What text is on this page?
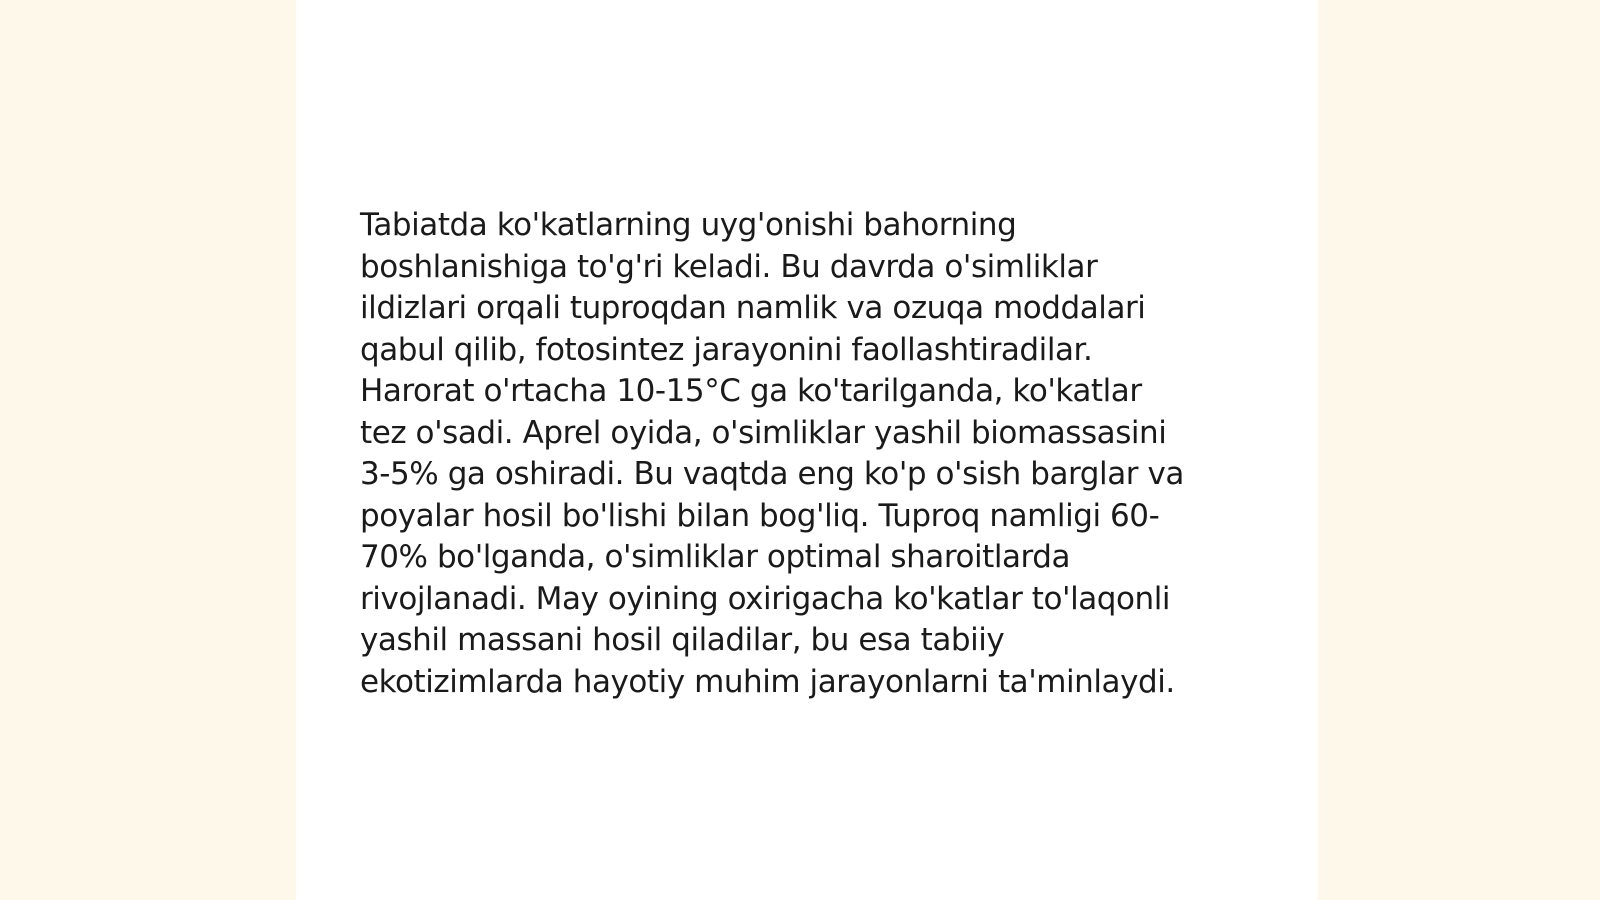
Tabiatda ko'katlarning uyg'onishi bahorning
boshlanishiga to'g'ri keladi. Bu davrda o'simliklar
ildizlari orqali tuproqdan namlik va ozuqa moddalari
qabul qilib, fotosintez jarayonini faollashtiradilar.
Harorat o'rtacha 10-15°C ga ko'tarilganda, ko'katlar
tez o'sadi. Aprel oyida, o'simliklar yashil biomassasini
3-5% ga oshiradi. Bu vaqtda eng ko'p o'sish barglar va
poyalar hosil bo'lishi bilan bog'liq. Tuproq namligi 60-
70% bo'lganda, o'simliklar optimal sharoitlarda
rivojlanadi. May oyining oxirigacha ko'katlar to'laqonli
yashil massani hosil qiladilar, bu esa tabiiy
ekotizimlarda hayotiy muhim jarayonlarni ta'minlaydi.
